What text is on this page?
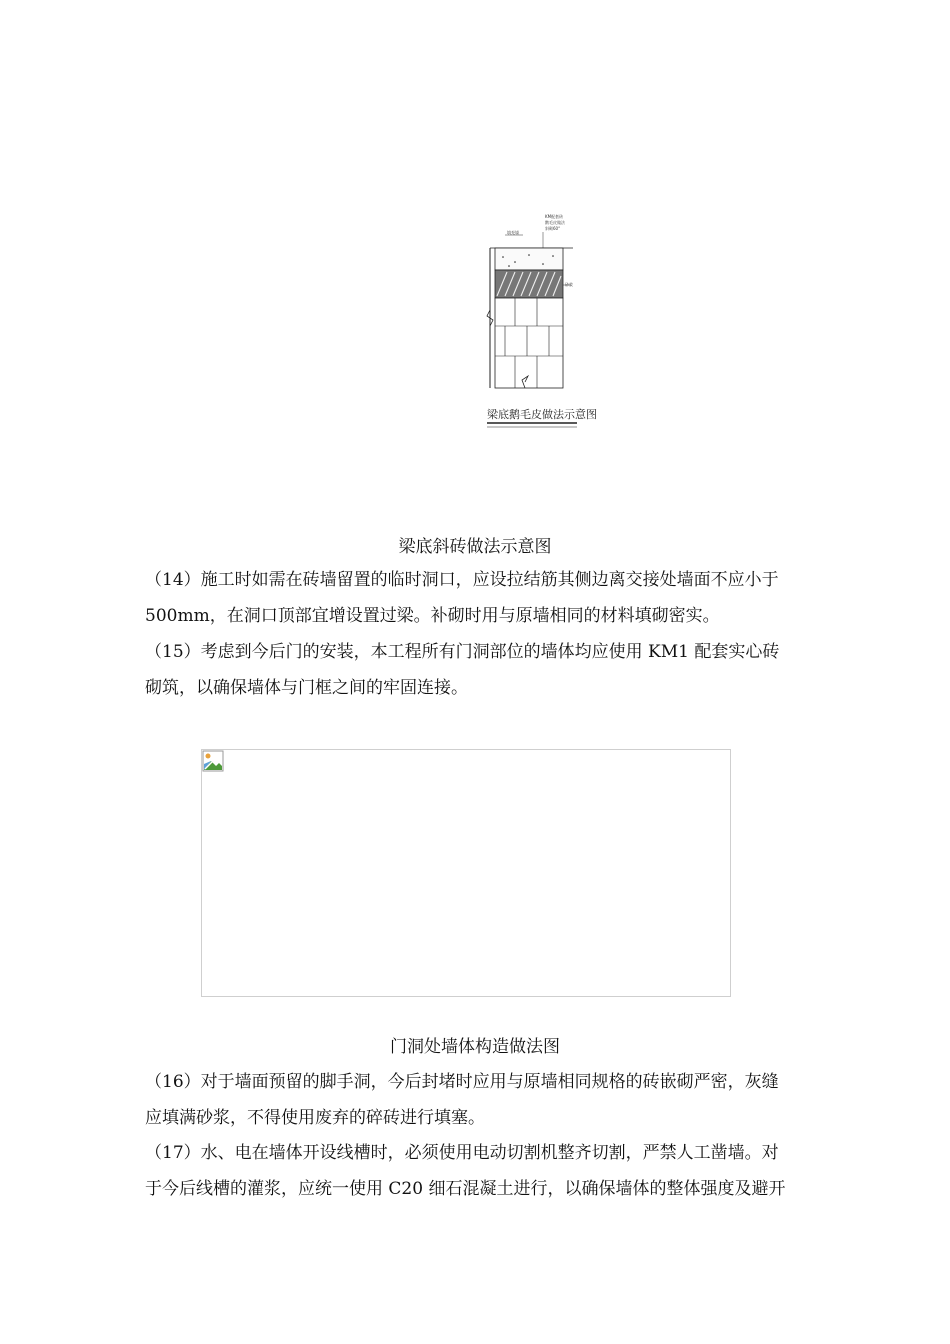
填充墙
KM配套砖
鹅毛皮做法
斜砌60°
砂浆
梁底鹅毛皮做法示意图
梁底斜砖做法示意图
（14）施工时如需在砖墙留置的临时洞口，应设拉结筋其侧边离交接处墙面不应小于
500mm，在洞口顶部宜增设置过梁。补砌时用与原墙相同的材料填砌密实。
（15）考虑到今后门的安装，本工程所有门洞部位的墙体均应使用 KM1 配套实心砖
砌筑，以确保墙体与门框之间的牢固连接。
门洞处墙体构造做法图
（16）对于墙面预留的脚手洞，今后封堵时应用与原墙相同规格的砖嵌砌严密，灰缝
应填满砂浆，不得使用废弃的碎砖进行填塞。
（17）水、电在墙体开设线槽时，必须使用电动切割机整齐切割，严禁人工凿墙。对
于今后线槽的灌浆，应统一使用 C20 细石混凝土进行，以确保墙体的整体强度及避开
